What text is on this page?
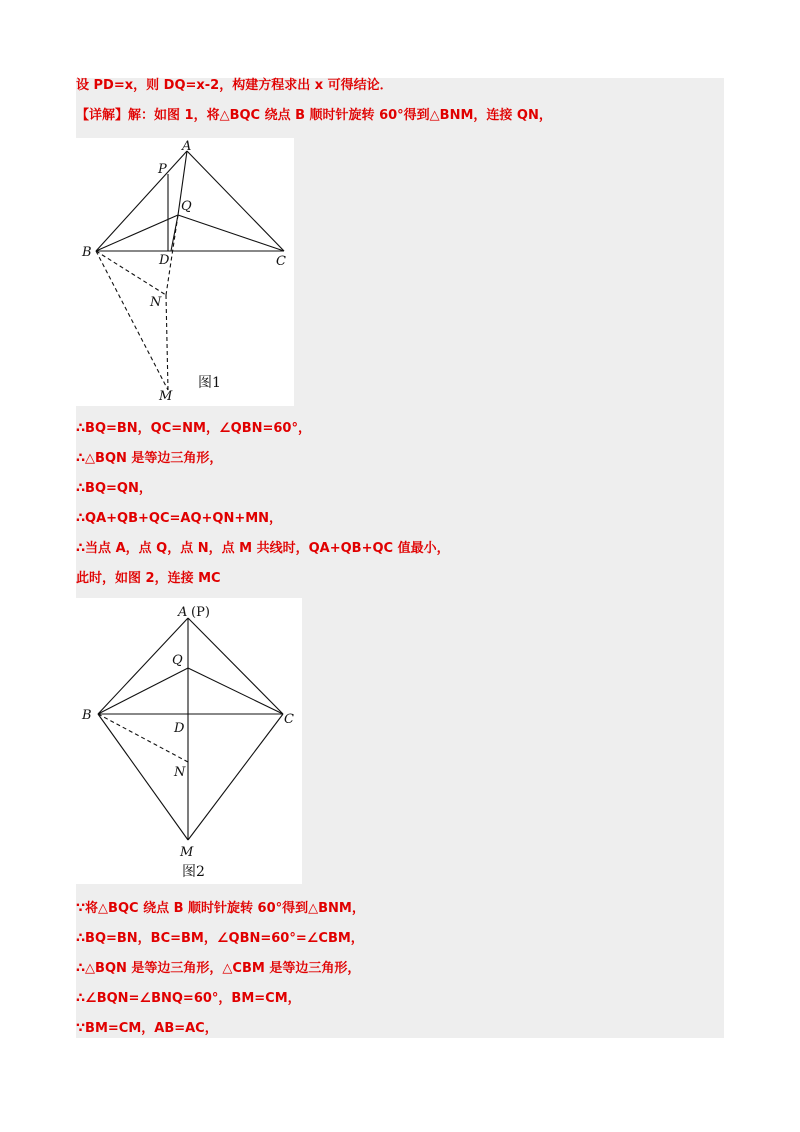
设 PD=x，则 DQ=x-2，构建方程求出 x 可得结论．

【详解】解：如图 1，将△BQC 绕点 B 顺时针旋转 60°得到△BNM，连接 QN，

A
P
Q
B
D	C
N
M
图1

∴BQ=BN，QC=NM，∠QBN=60°，

∴△BQN 是等边三角形，

∴BQ=QN，

∴QA+QB+QC=AQ+QN+MN，

∴当点 A，点 Q，点 N，点 M 共线时，QA+QB+QC 值最小，

此时，如图 2，连接 MC

A (P)
Q
B
D
C
N
M
图2

∵将△BQC 绕点 B 顺时针旋转 60°得到△BNM，

∴BQ=BN，BC=BM，∠QBN=60°=∠CBM，

∴△BQN 是等边三角形，△CBM 是等边三角形，

∴∠BQN=∠BNQ=60°，BM=CM，

∵BM=CM，AB=AC，
